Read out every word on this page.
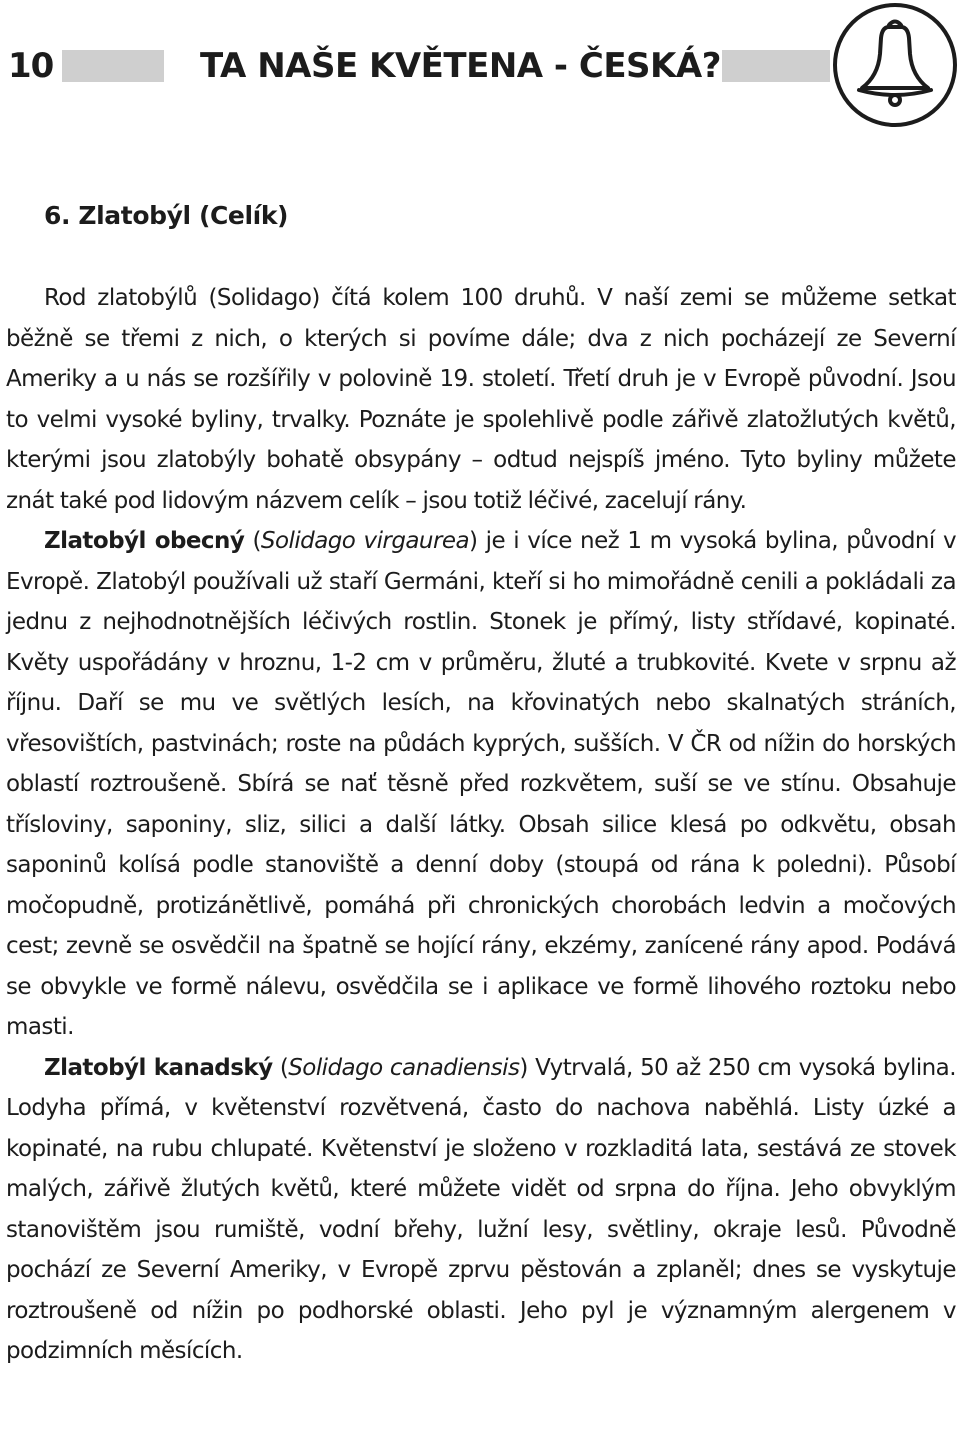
10	TA NAŠE KVĚTENA - ČESKÁ?
6. Zlatobýl (Celík)

Rod zlatobýlů (Solidago) čítá kolem 100 druhů. V naší zemi se můžeme setkat běžně se třemi z nich, o kterých si povíme dále; dva z nich pocházejí ze Severní Ameriky a u nás se rozšířily v polovině 19. století. Třetí druh je v Evropě původní. Jsou to velmi vysoké byliny, trvalky. Poznáte je spolehlivě podle zářivě zlatožlutých květů, kterými jsou zlatobýly bohatě obsypány – odtud nejspíš jméno. Tyto byliny můžete znát také pod lidovým názvem celík – jsou totiž léčivé, zacelují rány.

Zlatobýl obecný (Solidago virgaurea) je i více než 1 m vysoká bylina, původní v Evropě. Zlatobýl používali už staří Germáni, kteří si ho mimořádně cenili a pokládali za jednu z nejhodnotnějších léčivých rostlin. Stonek je přímý, listy střídavé, kopinaté. Květy uspořádány v hroznu, 1-2 cm v průměru, žluté a trubkovité. Kvete v srpnu až říjnu. Daří se mu ve světlých lesích, na křovinatých nebo skalnatých stráních, vřesovištích, pastvinách; roste na půdách kyprých, sušších. V ČR od nížin do horských oblastí roztroušeně. Sbírá se nať těsně před rozkvětem, suší se ve stínu. Obsahuje třísloviny, saponiny, sliz, silici a další látky. Obsah silice klesá po odkvětu, obsah saponinů kolísá podle stanoviště a denní doby (stoupá od rána k poledni). Působí močopudně, protizánětlivě, pomáhá při chronických chorobách ledvin a močových cest; zevně se osvědčil na špatně se hojící rány, ekzémy, zanícené rány apod. Podává se obvykle ve formě nálevu, osvědčila se i aplikace ve formě lihového roztoku nebo masti.

Zlatobýl kanadský (Solidago canadiensis) Vytrvalá, 50 až 250 cm vysoká bylina. Lodyha přímá, v květenství rozvětvená, často do nachova naběhlá. Listy úzké a kopinaté, na rubu chlupaté. Květenství je složeno v rozkladitá lata, sestává ze stovek malých, zářivě žlutých květů, které můžete vidět od srpna do října. Jeho obvyklým stanovištěm jsou rumiště, vodní břehy, lužní lesy, světliny, okraje lesů. Původně pochází ze Severní Ameriky, v Evropě zprvu pěstován a zplaněl; dnes se vyskytuje roztroušeně od nížin po podhorské oblasti. Jeho pyl je významným alergenem v podzimních měsících.
